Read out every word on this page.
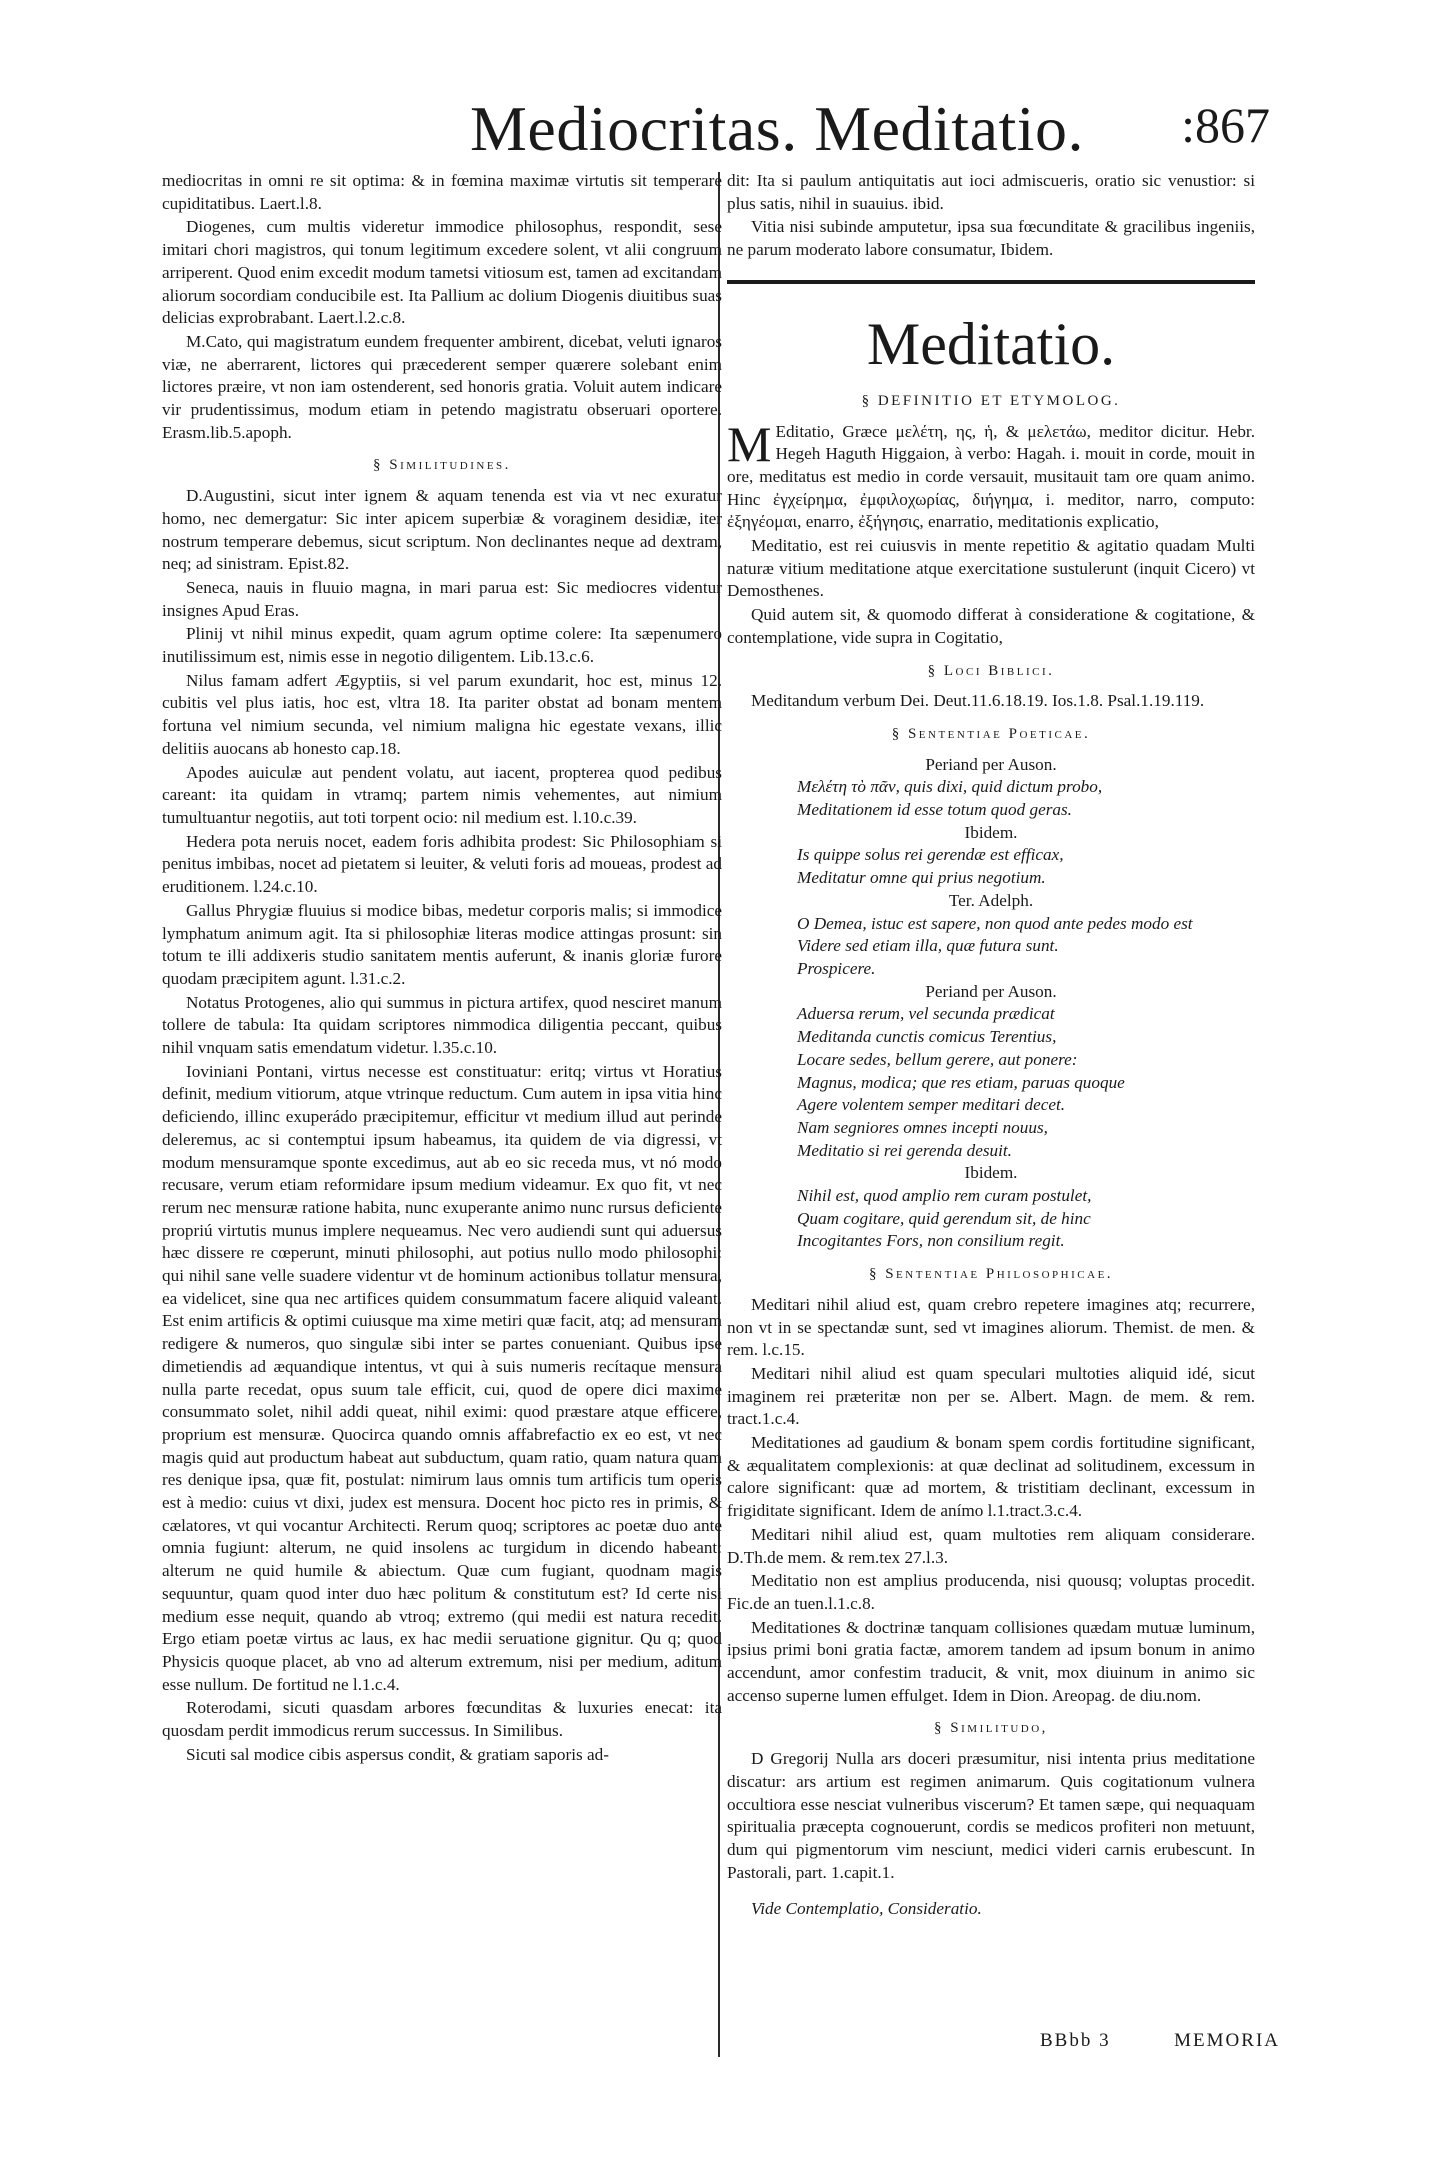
Mediocritas. Meditatio. :867

mediocritas in omni re sit optima: & in fœmina maximæ virtutis sit temperare cupiditatibus. Laert.l.8.

Diogenes, cum multis videretur immodice philosophus, respondit, sese imitari chori magistros, qui tonum legitimum excedere solent, vt alii congruum arriperent. Quod enim excedit modum tametsi vitiosum est, tamen ad excitandam aliorum socordiam conducibile est. Ita Pallium ac dolium Diogenis diuitibus suas delicias exprobrabant. Laert.l.2.c.8.

M.Cato, qui magistratum eundem frequenter ambirent, dicebat, veluti ignaros viæ, ne aberrarent, lictores qui præcederent semper quærere solebant enim lictores præire, vt non iam ostenderent, sed honoris gratia. Voluit autem indicare vir prudentissimus, modum etiam in petendo magistratu obseruari oportere. Erasm.lib.5.apoph.

§ Similitudines.

D.Augustini, sicut inter ignem & aquam tenenda est via vt nec exuratur homo, nec demergatur: Sic inter apicem superbiæ & voraginem desidiæ, iter nostrum temperare debemus, sicut scriptum. Non declinantes neque ad dextram, neq; ad sinistram. Epist.82.

Seneca, nauis in fluuio magna, in mari parua est: Sic mediocres videntur insignes Apud Eras.

Plinij vt nihil minus expedit, quam agrum optime colere: Ita sæpenumero inutilissimum est, nimis esse in negotio diligentem. Lib.13.c.6.

Nilus famam adfert Ægyptiis, si vel parum exundarit, hoc est, minus 12. cubitis vel plus iatis, hoc est, vltra 18. Ita pariter obstat ad bonam mentem fortuna vel nimium secunda, vel nimium maligna hic egestate vexans, illic delitiis auocans ab honesto cap.18.

Apodes auiculæ aut pendent volatu, aut iacent, propterea quod pedibus careant: ita quidam in vtramq; partem nimis vehementes, aut nimium tumultuantur negotiis, aut toti torpent ocio: nil medium est. l.10.c.39.

Hedera pota neruis nocet, eadem foris adhibita prodest: Sic Philosophiam si penitus imbibas, nocet ad pietatem si leuiter, & veluti foris ad moueas, prodest ad eruditionem. l.24.c.10.

Gallus Phrygiæ fluuius si modice bibas, medetur corporis malis; si immodice lymphatum animum agit. Ita si philosophiæ literas modice attingas prosunt: sin totum te illi addixeris studio sanitatem mentis auferunt, & inanis gloriæ furore quodam præcipitem agunt. l.31.c.2.

Notatus Protogenes, alio qui summus in pictura artifex, quod nesciret manum tollere de tabula: Ita quidam scriptores nimmodica diligentia peccant, quibus nihil vnquam satis emendatum videtur. l.35.c.10.

Ioviniani Pontani, virtus necesse est constituatur: eritq; virtus vt Horatius definit, medium vitiorum, atque vtrinque reductum. Cum autem in ipsa vitia hinc deficiendo, illinc exuperádo præcipitemur, efficitur vt medium illud aut perinde deleremus, ac si contemptui ipsum habeamus, ita quidem de via digressi, vt modum mensuramque sponte excedimus, aut ab eo sic receda mus, vt nó modo recusare, verum etiam reformidare ipsum medium videamur. Ex quo fit, vt nec rerum nec mensuræ ratione habita, nunc exuperante animo nunc rursus deficiente propriú virtutis munus implere nequeamus. Nec vero audiendi sunt qui aduersus hæc dissere re cœperunt, minuti philosophi, aut potius nullo modo philosophi: qui nihil sane velle suadere videntur vt de hominum actionibus tollatur mensura, ea videlicet, sine qua nec artifices quidem consummatum facere aliquid valeant. Est enim artificis & optimi cuiusque ma xime metiri quæ facit, atq; ad mensuram redigere & numeros, quo singulæ sibi inter se partes conueniant. Quibus ipse dimetiendis ad æquandique intentus, vt qui à suis numeris recítaque mensura nulla parte recedat, opus suum tale efficit, cui, quod de opere dici maxime consummato solet, nihil addi queat, nihil eximi: quod præstare atque efficere, proprium est mensuræ. Quocirca quando omnis affabrefactio ex eo est, vt nec magis quid aut productum habeat aut subductum, quam ratio, quam natura quam res denique ipsa, quæ fit, postulat: nimirum laus omnis tum artificis tum operis est à medio: cuius vt dixi, judex est mensura. Docent hoc picto res in primis, & cælatores, vt qui vocantur Architecti. Rerum quoq; scriptores ac poetæ duo ante omnia fugiunt: alterum, ne quid insolens ac turgidum in dicendo habeant: alterum ne quid humile & abiectum. Quæ cum fugiant, quodnam magis sequuntur, quam quod inter duo hæc politum & constitutum est? Id certe nisi medium esse nequit, quando ab vtroq; extremo (qui medii est natura recedit. Ergo etiam poetæ virtus ac laus, ex hac medii seruatione gignitur. Qu q; quod Physicis quoque placet, ab vno ad alterum extremum, nisi per medium, aditum esse nullum. De fortitud ne l.1.c.4.

Roterodami, sicuti quasdam arbores fœcunditas & luxuries enecat: ita quosdam perdit immodicus rerum successus. In Similibus.

Sicuti sal modice cibis aspersus condit, & gratiam saporis ad-

dit: Ita si paulum antiquitatis aut ioci admiscueris, oratio sic venustior: si plus satis, nihil in suauius. ibid.

Vitia nisi subinde amputetur, ipsa sua fœcunditate & gracilibus ingeniis, ne parum moderato labore consumatur, Ibidem.

Meditatio.
§ DEFINITIO ET ETYMOLOG.

M Editatio, Græce μελέτη, ης, ἡ, & μελετάω, meditor dicitur. Hebr. Hegeh Haguth Higgaion, à verbo: Hagah. i. mouit in corde, mouit in ore, meditatus est medio in corde versauit, musitauit tam ore quam animo. Hinc ἐγχείρημα, ἐμφιλοχωρίας, διήγημα, i. meditor, narro, computo: ἐξηγέομαι, enarro, ἐξήγησις, enarratio, meditationis explicatio,

Meditatio, est rei cuiusvis in mente repetitio & agitatio quadam Multi naturæ vitium meditatione atque exercitatione sustulerunt (inquit Cicero) vt Demosthenes.

Quid autem sit, & quomodo differat à consideratione & cogitatione, & contemplatione, vide supra in Cogitatio,

§ Loci Biblici.

Meditandum verbum Dei. Deut.11.6.18.19. Ios.1.8. Psal.1.19.119.

§ Sententiae Poeticae.

Periand per Auson.

Μελέτη τὸ πᾶν, quis dixi, quid dictum probo,

Meditationem id esse totum quod geras.

Ibidem.

Is quippe solus rei gerendæ est efficax,

Meditatur omne qui prius negotium.

Ter. Adelph.

O Demea, istuc est sapere, non quod ante pedes modo est

Videre sed etiam illa, quæ futura sunt.

Prospicere.

Periand per Auson.

Aduersa rerum, vel secunda prædicat

Meditanda cunctis comicus Terentius,

Locare sedes, bellum gerere, aut ponere:

Magnus, modica; que res etiam, paruas quoque

Agere volentem semper meditari decet.

Nam segniores omnes incepti nouus,

Meditatio si rei gerenda desuit.

Ibidem.

Nihil est, quod amplio rem curam postulet,

Quam cogitare, quid gerendum sit, de hinc

Incogitantes Fors, non consilium regit.

§ Sententiae Philosophicae.

Meditari nihil aliud est, quam crebro repetere imagines atq; recurrere, non vt in se spectandæ sunt, sed vt imagines aliorum. Themist. de men. & rem. l.c.15.

Meditari nihil aliud est quam speculari multoties aliquid idé, sicut imaginem rei præteritæ non per se. Albert. Magn. de mem. & rem. tract.1.c.4.

Meditationes ad gaudium & bonam spem cordis fortitudine significant, & æqualitatem complexionis: at quæ declinat ad solitudinem, excessum in calore significant: quæ ad mortem, & tristitiam declinant, excessum in frigiditate significant. Idem de anímo l.1.tract.3.c.4.

Meditari nihil aliud est, quam multoties rem aliquam considerare. D.Th.de mem. & rem.tex 27.l.3.

Meditatio non est amplius producenda, nisi quousq; voluptas procedit. Fic.de an tuen.l.1.c.8.

Meditationes & doctrinæ tanquam collisiones quædam mutuæ luminum, ipsius primi boni gratia factæ, amorem tandem ad ipsum bonum in animo accendunt, amor confestim traducit, & vnit, mox diuinum in animo sic accenso superne lumen effulget. Idem in Dion. Areopag. de diu.nom.

§ Similitudo,

D Gregorij Nulla ars doceri præsumitur, nisi intenta prius meditatione discatur: ars artium est regimen animarum. Quis cogitationum vulnera occultiora esse nesciat vulneribus viscerum? Et tamen sæpe, qui nequaquam spiritualia præcepta cognouerunt, cordis se medicos profiteri non metuunt, dum qui pigmentorum vim nesciunt, medici videri carnis erubescunt. In Pastorali, part. 1.capit.1.

Vide Contemplatio, Consideratio.

BBbb 3	MEMORIA
